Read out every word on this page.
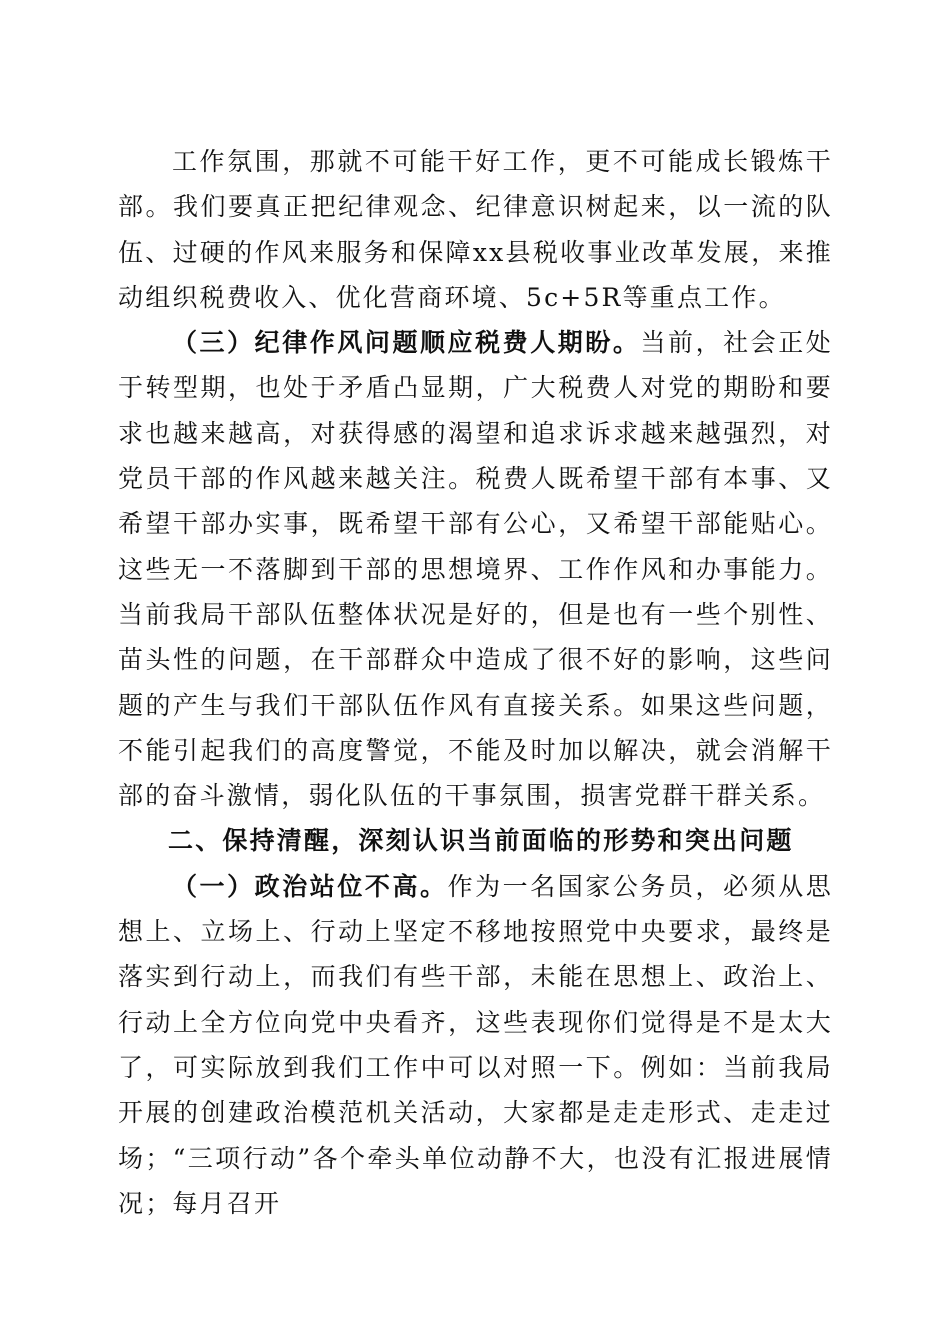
工作氛围，那就不可能干好工作，更不可能成长锻炼干部。我们要真正把纪律观念、纪律意识树起来，以一流的队伍、过硬的作风来服务和保障xx县税收事业改革发展，来推动组织税费收入、优化营商环境、5c+5R等重点工作。

（三）纪律作风问题顺应税费人期盼。当前，社会正处于转型期，也处于矛盾凸显期，广大税费人对党的期盼和要求也越来越高，对获得感的渴望和追求诉求越来越强烈，对党员干部的作风越来越关注。税费人既希望干部有本事、又希望干部办实事，既希望干部有公心，又希望干部能贴心。这些无一不落脚到干部的思想境界、工作作风和办事能力。当前我局干部队伍整体状况是好的，但是也有一些个别性、苗头性的问题，在干部群众中造成了很不好的影响，这些问题的产生与我们干部队伍作风有直接关系。如果这些问题，不能引起我们的高度警觉，不能及时加以解决，就会消解干部的奋斗激情，弱化队伍的干事氛围，损害党群干群关系。

二、保持清醒，深刻认识当前面临的形势和突出问题

（一）政治站位不高。作为一名国家公务员，必须从思想上、立场上、行动上坚定不移地按照党中央要求，最终是落实到行动上，而我们有些干部，未能在思想上、政治上、行动上全方位向党中央看齐，这些表现你们觉得是不是太大了，可实际放到我们工作中可以对照一下。例如：当前我局开展的创建政治模范机关活动，大家都是走走形式、走走过场；“三项行动”各个牵头单位动静不大，也没有汇报进展情况；每月召开
